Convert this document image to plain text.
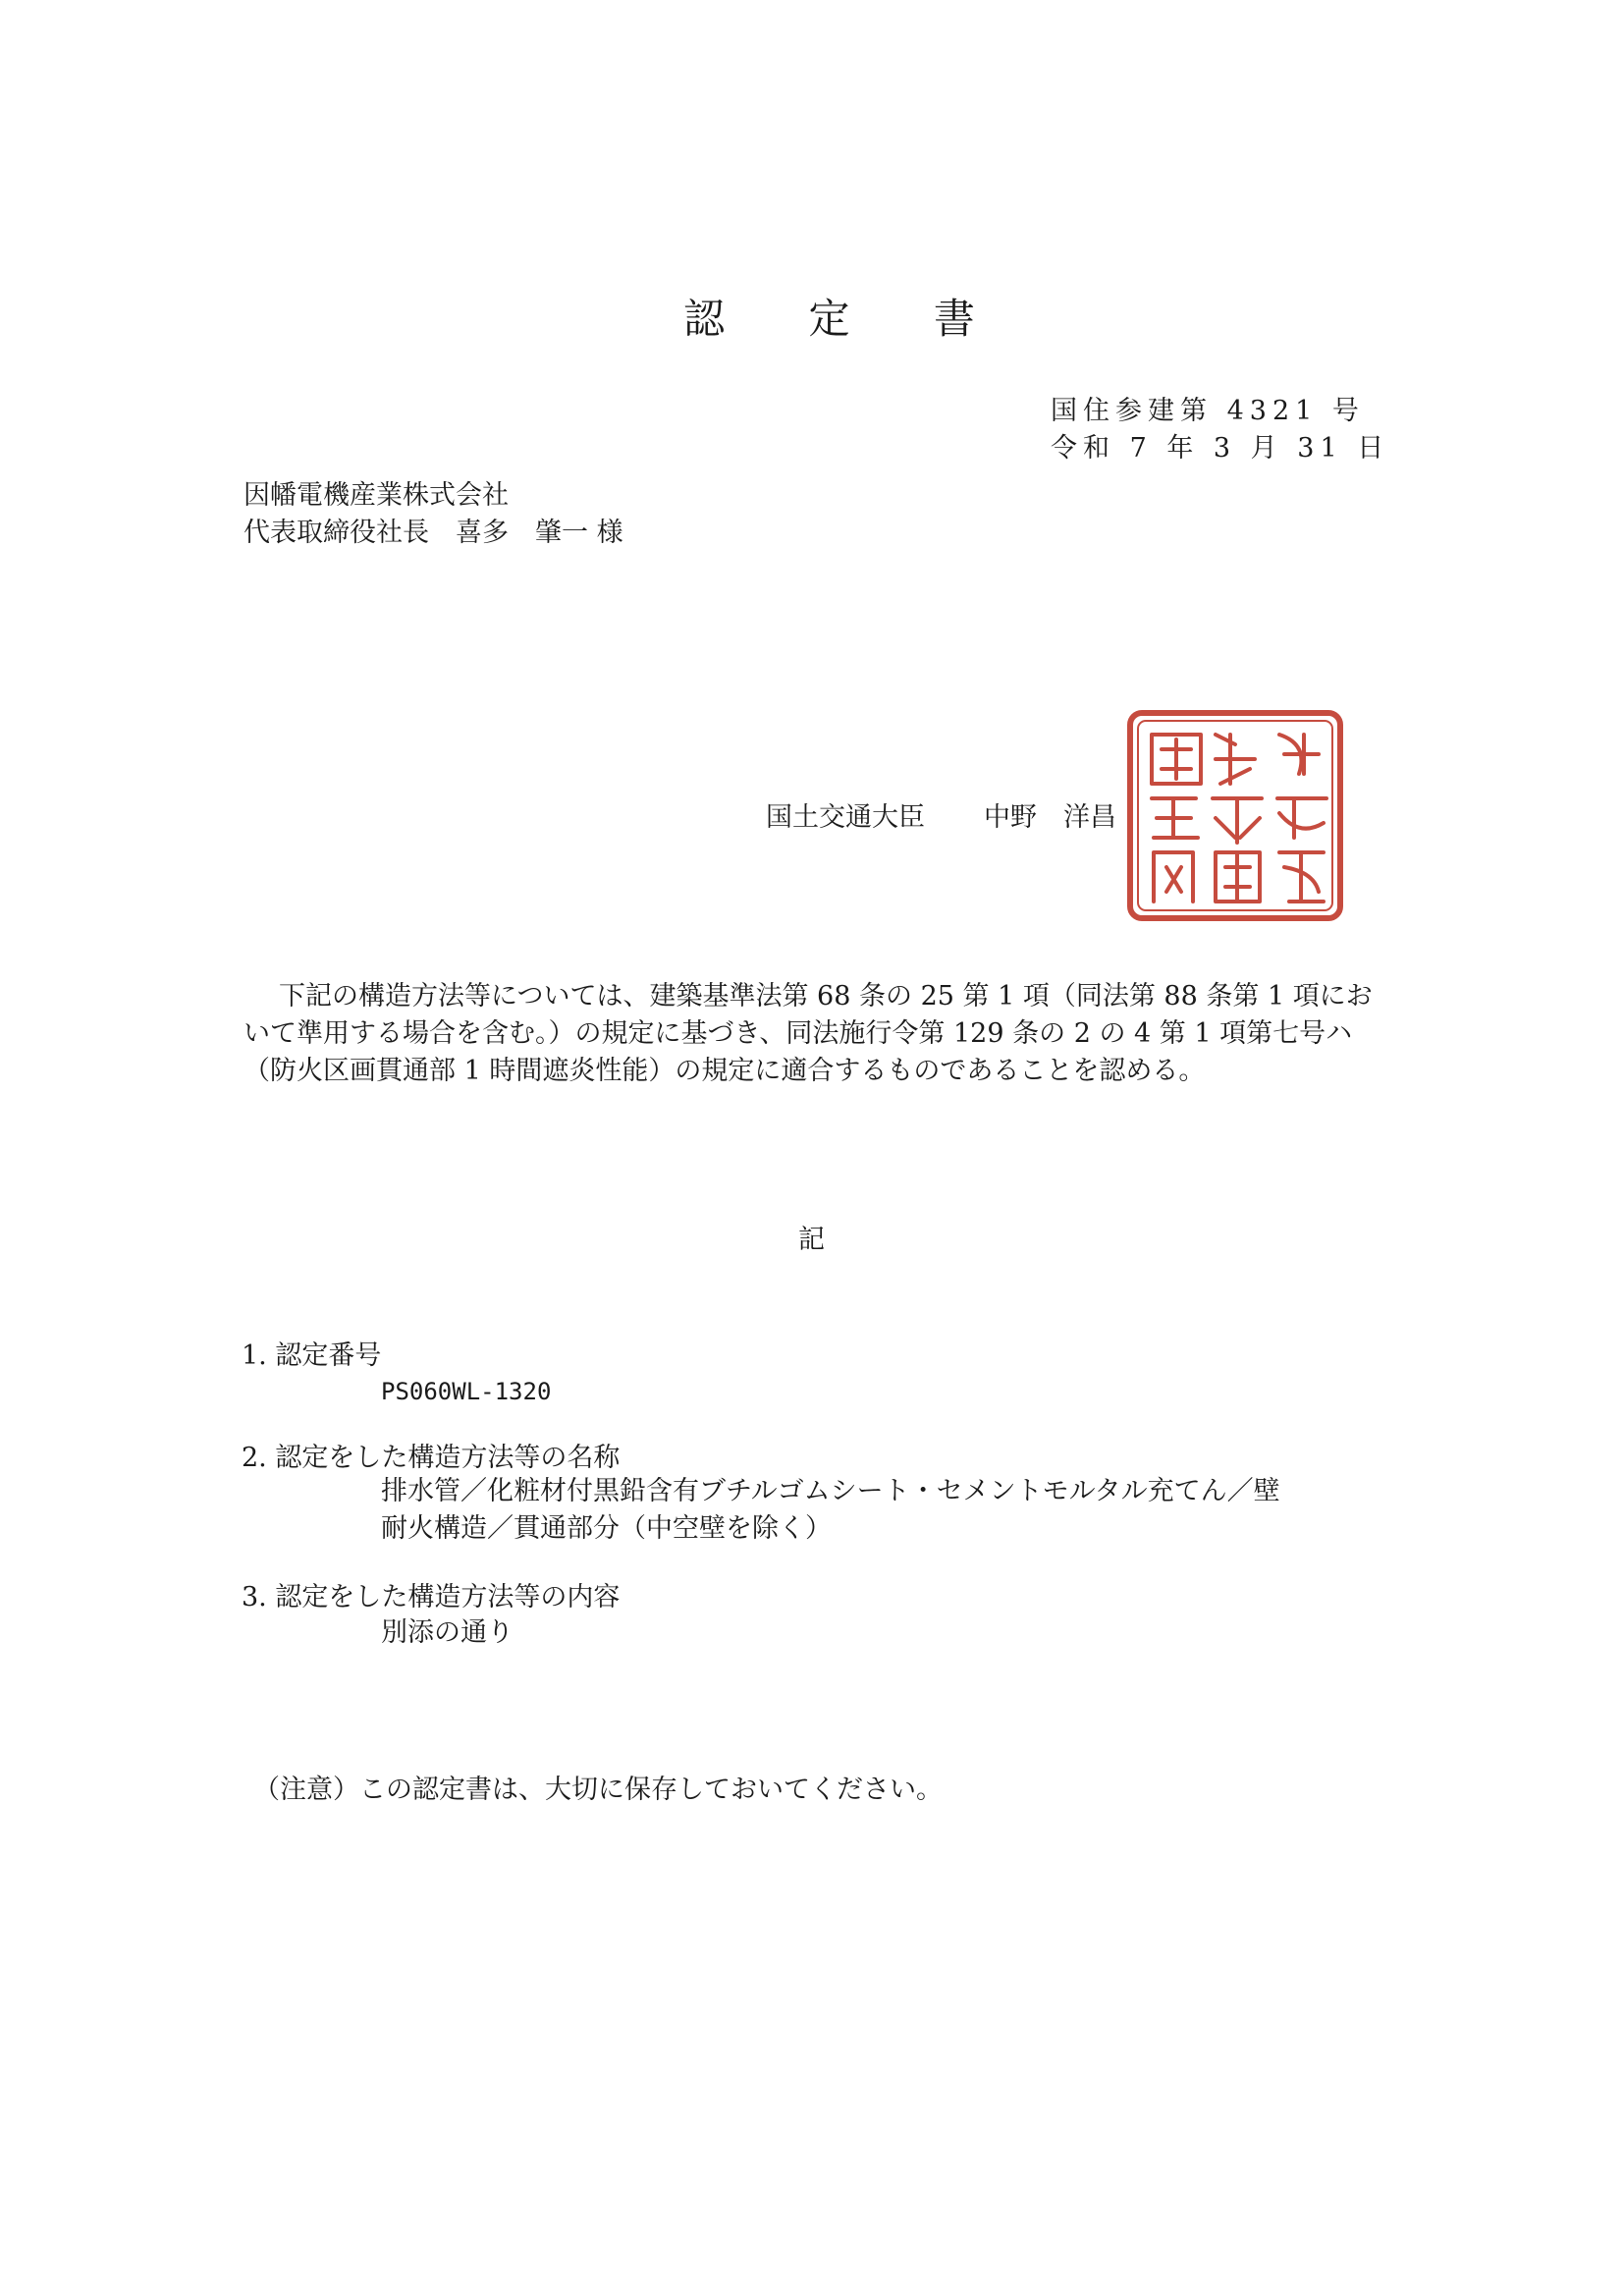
認 定 書
国住参建第 4321 号
令和 7 年 3 月 31 日
因幡電機産業株式会社
代表取締役社長　喜多　肇一 様
国土交通大臣 中野　洋昌

下記の構造方法等については、建築基準法第 68 条の 25 第 1 項（同法第 88 条第 1 項にお

いて準用する場合を含む。）の規定に基づき、同法施行令第 129 条の 2 の 4 第 1 項第七号ハ

（防火区画貫通部 1 時間遮炎性能）の規定に適合するものであることを認める。

記
1. 認定番号
PS060WL-1320
2. 認定をした構造方法等の名称
排水管／化粧材付黒鉛含有ブチルゴムシート・セメントモルタル充てん／壁
耐火構造／貫通部分（中空壁を除く）
3. 認定をした構造方法等の内容
別添の通り
（注意）この認定書は、大切に保存しておいてください。
